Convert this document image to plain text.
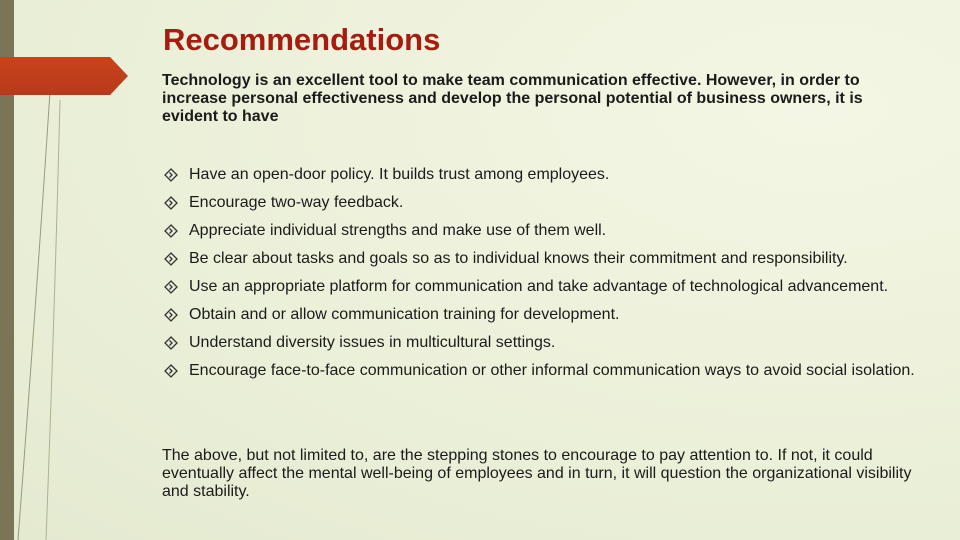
Recommendations

Technology is an excellent tool to make team communication effective. However, in order to increase personal effectiveness and develop the personal potential of business owners, it is evident to have

Have an open-door policy. It builds trust among employees.
Encourage two-way feedback.
Appreciate individual strengths and make use of them well.
Be clear about tasks and goals so as to individual knows their commitment and responsibility.
Use an appropriate platform for communication and take advantage of technological advancement.
Obtain and or allow communication training for development.
Understand diversity issues in multicultural settings.
Encourage face-to-face communication or other informal communication ways to avoid social isolation.

The above, but not limited to, are the stepping stones to encourage to pay attention to. If not, it could eventually affect the mental well-being of employees and in turn, it will question the organizational visibility and stability.
